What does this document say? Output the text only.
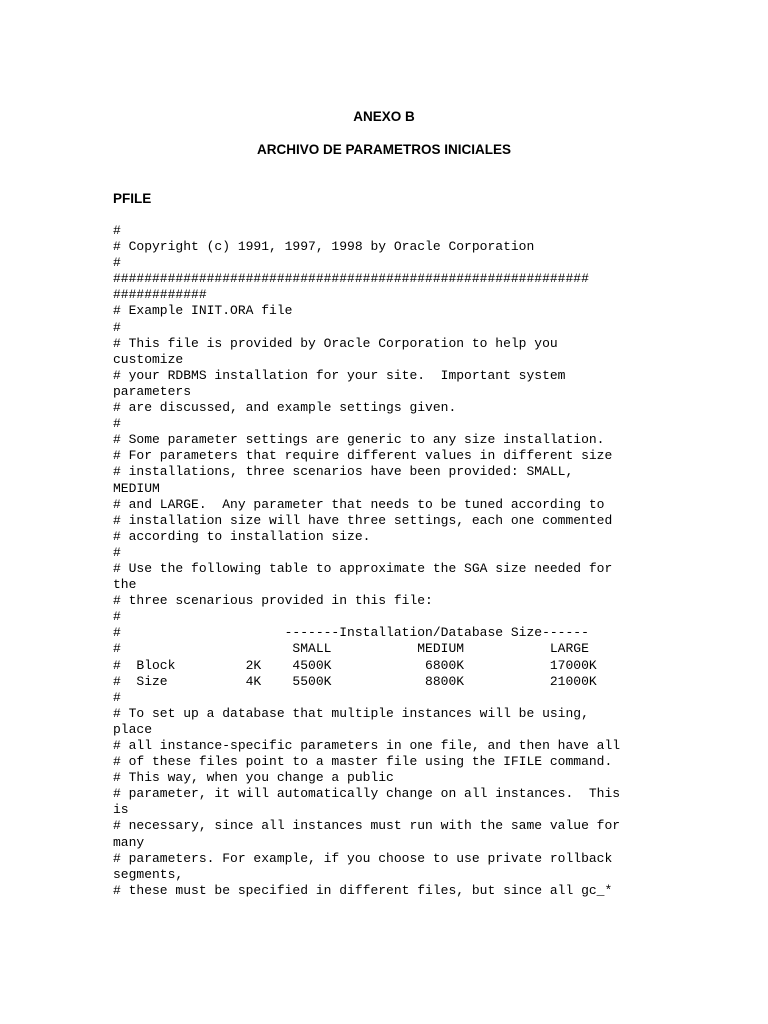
ANEXO B

ARCHIVO DE PARAMETROS INICIALES

PFILE

#
# Copyright (c) 1991, 1997, 1998 by Oracle Corporation
#
#############################################################
############
# Example INIT.ORA file
#
# This file is provided by Oracle Corporation to help you
customize
# your RDBMS installation for your site.  Important system
parameters
# are discussed, and example settings given.
#
# Some parameter settings are generic to any size installation.
# For parameters that require different values in different size
# installations, three scenarios have been provided: SMALL,
MEDIUM
# and LARGE.  Any parameter that needs to be tuned according to
# installation size will have three settings, each one commented
# according to installation size.
#
# Use the following table to approximate the SGA size needed for
the
# three scenarious provided in this file:
#
#                     -------Installation/Database Size------
#                      SMALL           MEDIUM           LARGE
#  Block         2K    4500K            6800K           17000K
#  Size          4K    5500K            8800K           21000K
#
# To set up a database that multiple instances will be using,
place
# all instance-specific parameters in one file, and then have all
# of these files point to a master file using the IFILE command.
# This way, when you change a public
# parameter, it will automatically change on all instances.  This
is
# necessary, since all instances must run with the same value for
many
# parameters. For example, if you choose to use private rollback
segments,
# these must be specified in different files, but since all gc_*
